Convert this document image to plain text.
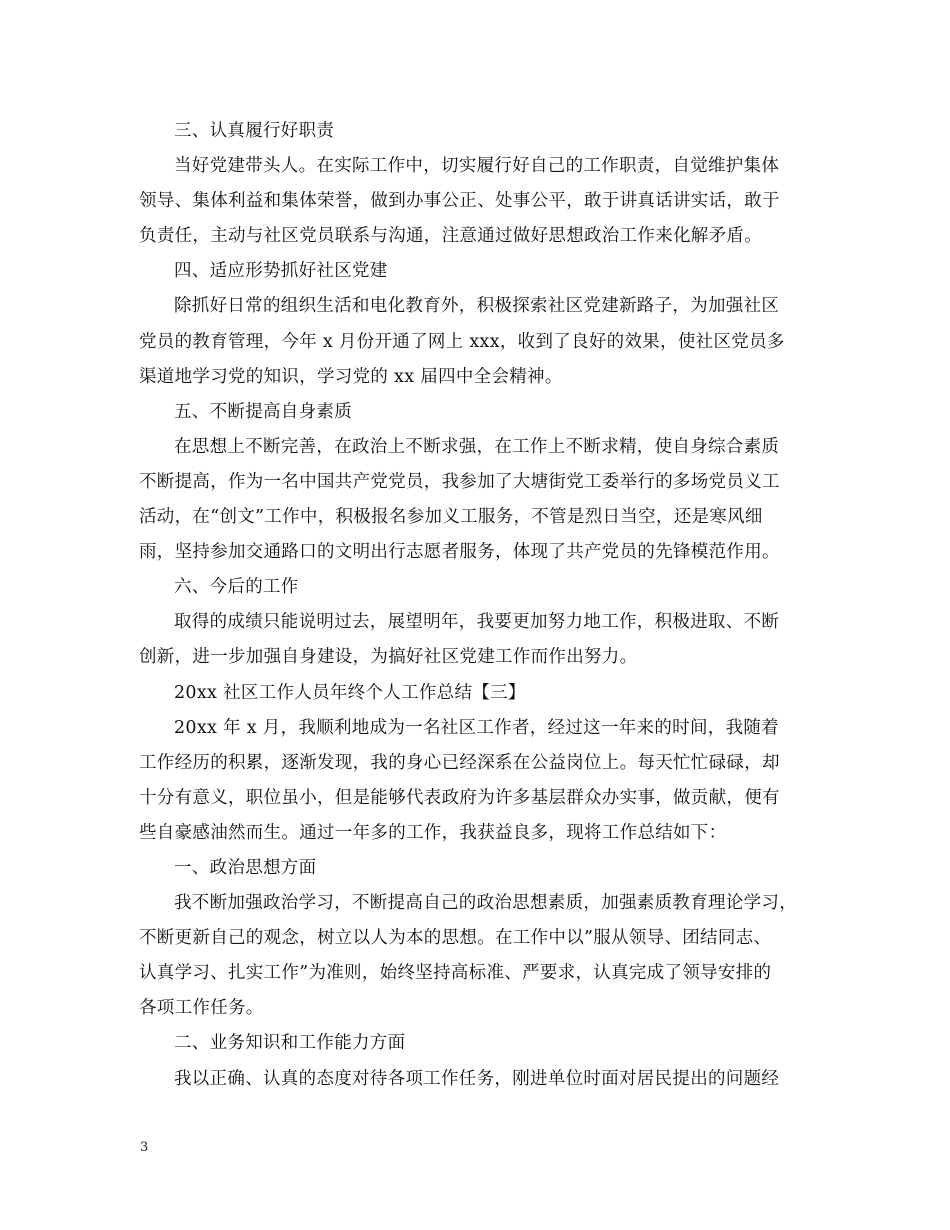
三、认真履行好职责
当好党建带头人。在实际工作中，切实履行好自己的工作职责，自觉维护集体
领导、集体利益和集体荣誉，做到办事公正、处事公平，敢于讲真话讲实话，敢于
负责任，主动与社区党员联系与沟通，注意通过做好思想政治工作来化解矛盾。
四、适应形势抓好社区党建
除抓好日常的组织生活和电化教育外，积极探索社区党建新路子，为加强社区
党员的教育管理，今年 x 月份开通了网上 xxx，收到了良好的效果，使社区党员多
渠道地学习党的知识，学习党的 xx 届四中全会精神。
五、不断提高自身素质
在思想上不断完善，在政治上不断求强，在工作上不断求精，使自身综合素质
不断提高，作为一名中国共产党党员，我参加了大塘街党工委举行的多场党员义工
活动，在“创文”工作中，积极报名参加义工服务，不管是烈日当空，还是寒风细
雨，坚持参加交通路口的文明出行志愿者服务，体现了共产党员的先锋模范作用。
六、今后的工作
取得的成绩只能说明过去，展望明年，我要更加努力地工作，积极进取、不断
创新，进一步加强自身建设，为搞好社区党建工作而作出努力。
20xx 社区工作人员年终个人工作总结【三】
20xx 年 x 月，我顺利地成为一名社区工作者，经过这一年来的时间，我随着
工作经历的积累，逐渐发现，我的身心已经深系在公益岗位上。每天忙忙碌碌，却
十分有意义，职位虽小，但是能够代表政府为许多基层群众办实事，做贡献，便有
些自豪感油然而生。通过一年多的工作，我获益良多，现将工作总结如下：
一、政治思想方面
我不断加强政治学习，不断提高自己的政治思想素质，加强素质教育理论学习，
不断更新自己的观念，树立以人为本的思想。在工作中以”服从领导、团结同志、
认真学习、扎实工作”为准则，始终坚持高标准、严要求，认真完成了领导安排的
各项工作任务。
二、业务知识和工作能力方面
我以正确、认真的态度对待各项工作任务，刚进单位时面对居民提出的问题经
3
